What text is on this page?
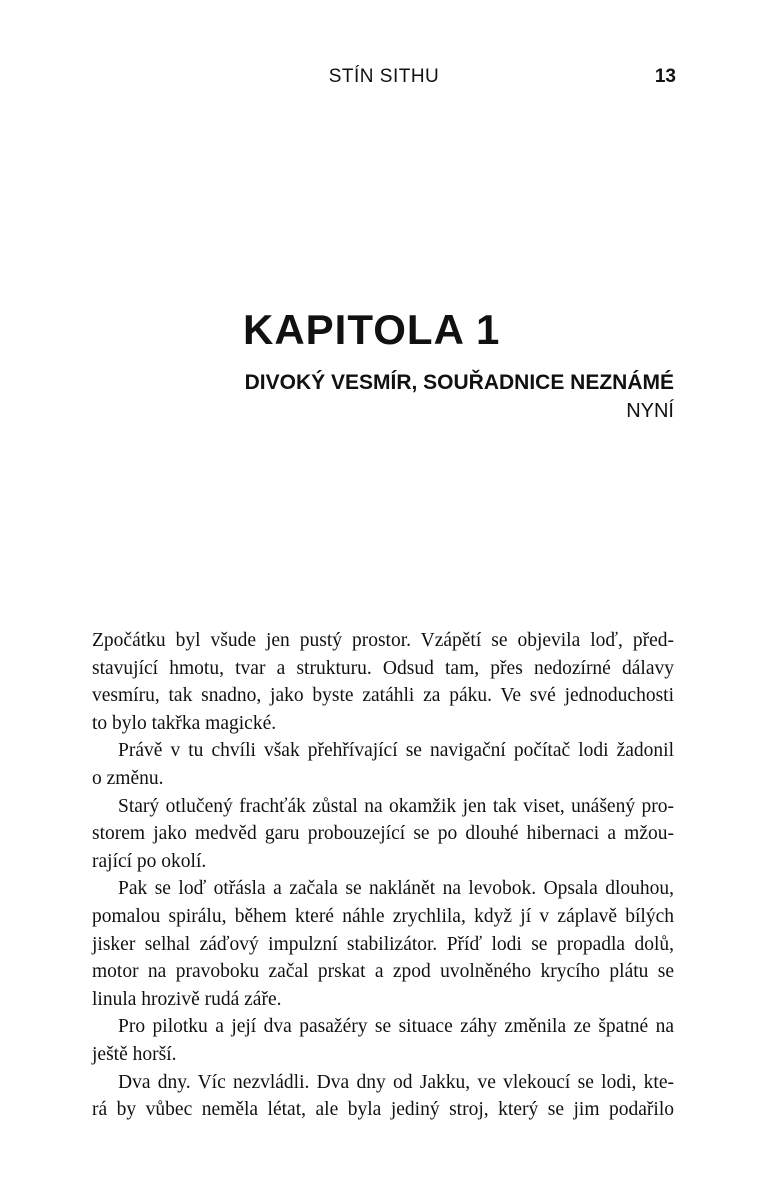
STÍN SITHU	13
KAPITOLA 1
DIVOKÝ VESMÍR, SOUŘADNICE NEZNÁMÉ
NYNÍ

Zpočátku byl všude jen pustý prostor. Vzápětí se objevila loď, před-
stavující hmotu, tvar a strukturu. Odsud tam, přes nedozírné dálavy
vesmíru, tak snadno, jako byste zatáhli za páku. Ve své jednoduchosti
to bylo takřka magické.

Právě v tu chvíli však přehřívající se navigační počítač lodi žadonil
o změnu.

Starý otlučený frachťák zůstal na okamžik jen tak viset, unášený pro-
storem jako medvěd garu probouzející se po dlouhé hibernaci a mžou-
rající po okolí.

Pak se loď otřásla a začala se naklánět na levobok. Opsala dlouhou,
pomalou spirálu, během které náhle zrychlila, když jí v záplavě bílých
jisker selhal záďový impulzní stabilizátor. Příď lodi se propadla dolů,
motor na pravoboku začal prskat a zpod uvolněného krycího plátu se
linula hrozivě rudá záře.

Pro pilotku a její dva pasažéry se situace záhy změnila ze špatné na
ještě horší.

Dva dny. Víc nezvládli. Dva dny od Jakku, ve vlekoucí se lodi, kte-
rá by vůbec neměla létat, ale byla jediný stroj, který se jim podařilo
